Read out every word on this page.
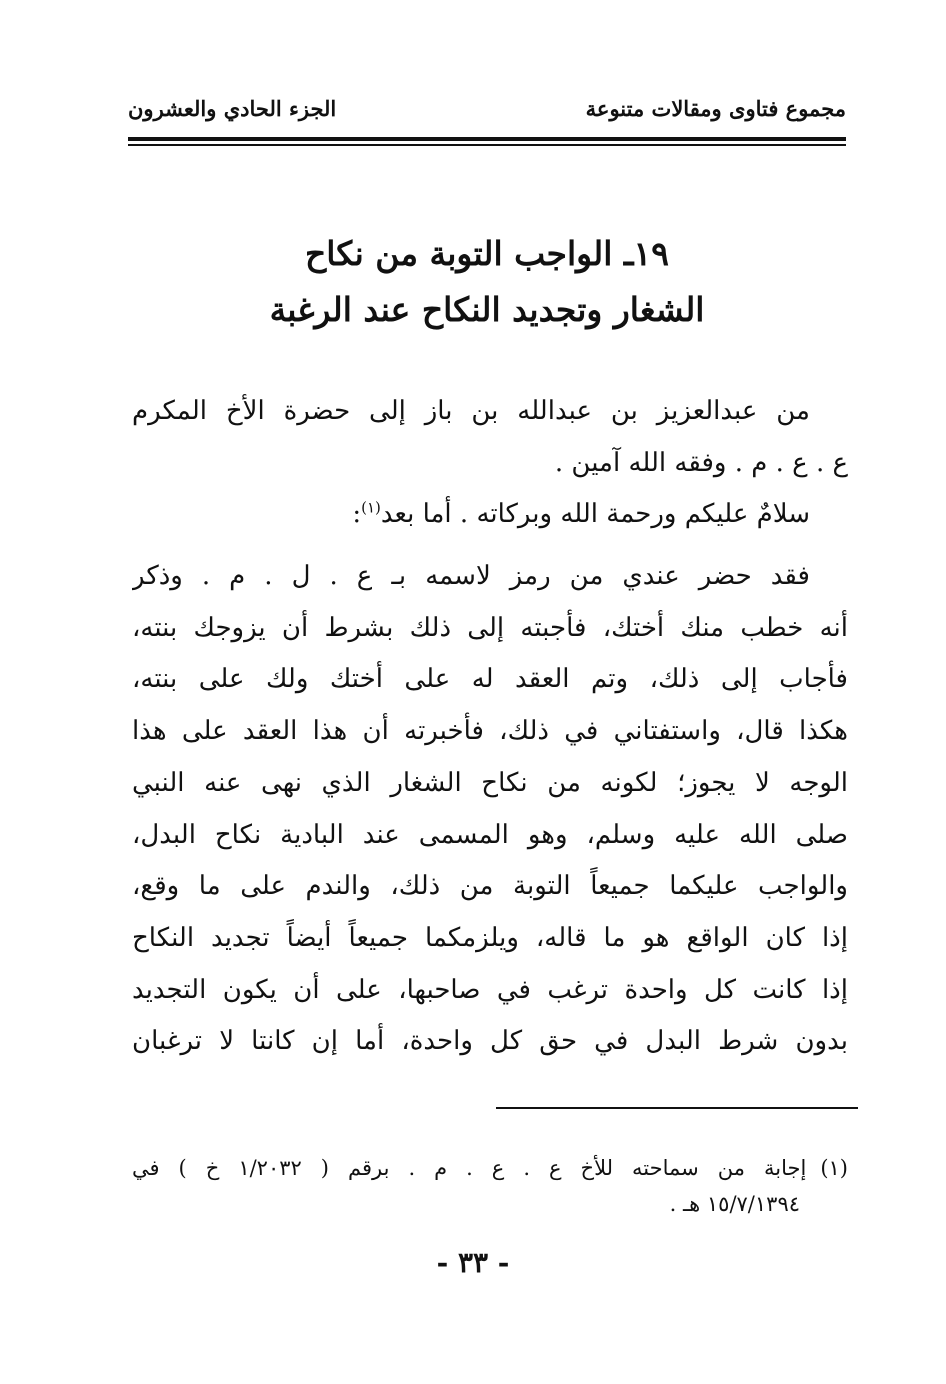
مجموع فتاوى ومقالات متنوعة
الجزء الحادي والعشرون
١٩ـ الواجب التوبة من نكاح
الشغار وتجديد النكاح عند الرغبة
من عبدالعزيز بن عبدالله بن باز إلى حضرة الأخ المكرم
ع . ع . م . وفقه الله آمين .
سلامٌ عليكم ورحمة الله وبركاته . أما بعد$^{(١)}$:
فقد حضر عندي من رمز لاسمه بـ ع . ل . م . وذكر
أنه خطب منك أختك، فأجبته إلى ذلك بشرط أن يزوجك بنته،
فأجاب إلى ذلك، وتم العقد له على أختك ولك على بنته،
هكذا قال، واستفتاني في ذلك، فأخبرته أن هذا العقد على هذا
الوجه لا يجوز؛ لكونه من نكاح الشغار الذي نهى عنه النبي
صلى الله عليه وسلم، وهو المسمى عند البادية نكاح البدل،
والواجب عليكما جميعاً التوبة من ذلك، والندم على ما وقع،
إذا كان الواقع هو ما قاله، ويلزمكما جميعاً أيضاً تجديد النكاح
إذا كانت كل واحدة ترغب في صاحبها، على أن يكون التجديد
بدون شرط البدل في حق كل واحدة، أما إن كانتا لا ترغبان
(١)إجابة من سماحته للأخ ع . ع . م . برقم ( ١/٢٠٣٢ خ ) في
١٥/٧/١٣٩٤ هـ .
- ٣٣ -
